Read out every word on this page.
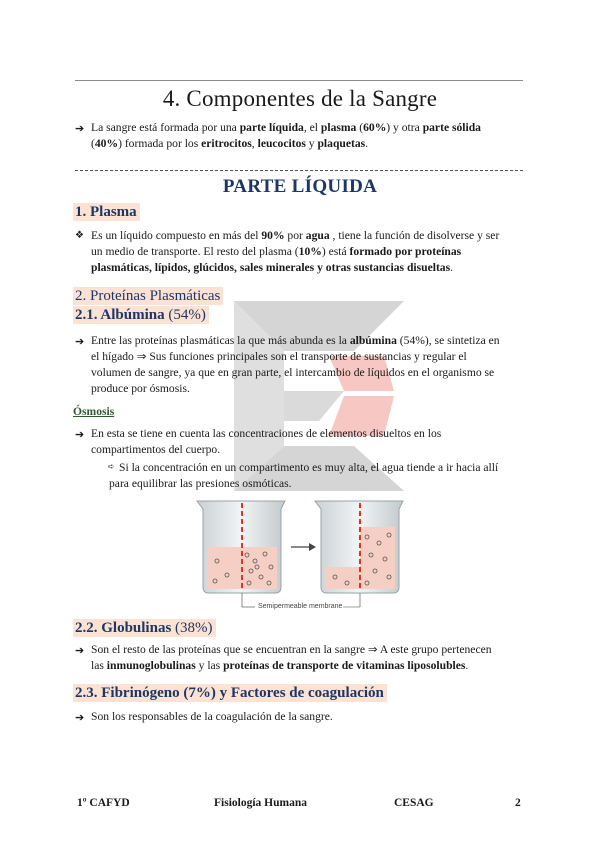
4. Componentes de la Sangre
➔ La sangre está formada por una parte líquida, el plasma (60%) y otra parte sólida
(40%) formada por los eritrocitos, leucocitos y plaquetas.
PARTE LÍQUIDA
1. Plasma
❖ Es un líquido compuesto en más del 90% por agua , tiene la función de disolverse y ser
un medio de transporte. El resto del plasma (10%) está formado por proteínas
plasmáticas, lípidos, glúcidos, sales minerales y otras sustancias disueltas.
2. Proteínas Plasmáticas
2.1. Albúmina (54%)
➔ Entre las proteínas plasmáticas la que más abunda es la albúmina (54%), se sintetiza en
el hígado ⇒ Sus funciones principales son el transporte de sustancias y regular el
volumen de sangre, ya que en gran parte, el intercambio de líquidos en el organismo se
produce por ósmosis.
Ósmosis
➔ En esta se tiene en cuenta las concentraciones de elementos disueltos en los
compartimentos del cuerpo.
➪ Si la concentración en un compartimento es muy alta, el agua tiende a ir hacia allí
para equilibrar las presiones osmóticas.
Semipermeable membrane
2.2. Globulinas (38%)
➔ Son el resto de las proteínas que se encuentran en la sangre ⇒ A este grupo pertenecen
las inmunoglobulinas y las proteínas de transporte de vitaminas liposolubles.
2.3. Fibrinógeno (7%) y Factores de coagulación
➔ Son los responsables de la coagulación de la sangre.
1º CAFYD	Fisiología Humana	CESAG	2
